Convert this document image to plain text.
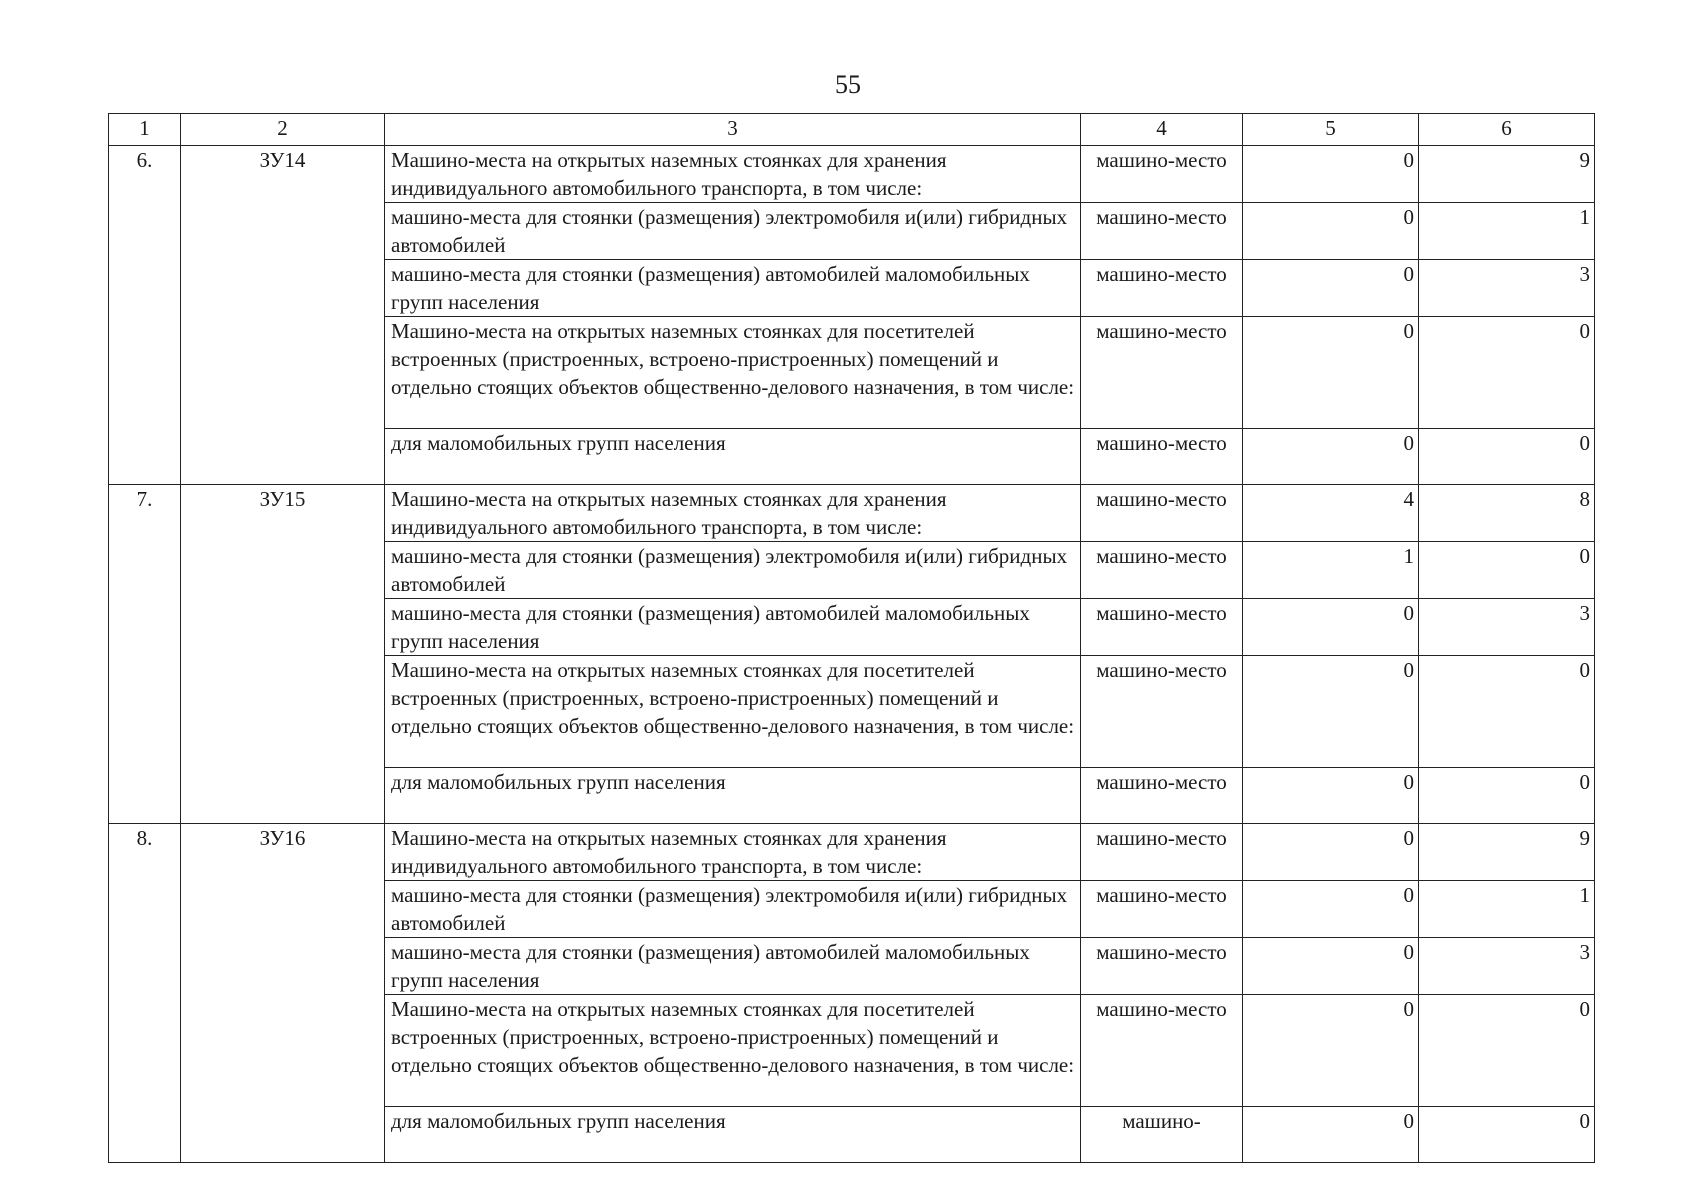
55
1	2	3	4	5	6
6.	ЗУ14	Машино-места на открытых наземных стоянках для хранения индивидуального автомобильного транспорта, в том числе:	машино-место	0	9
		машино-места для стоянки (размещения) электромобиля и(или) гибридных автомобилей	машино-место	0	1
		машино-места для стоянки (размещения) автомобилей маломобильных групп населения	машино-место	0	3
		Машино-места на открытых наземных стоянках для посетителей встроенных (пристроенных, встроено-пристроенных) помещений и отдельно стоящих объектов общественно-делового назначения, в том числе:	машино-место	0	0
		для маломобильных групп населения	машино-место	0	0
7.	ЗУ15	Машино-места на открытых наземных стоянках для хранения индивидуального автомобильного транспорта, в том числе:	машино-место	4	8
		машино-места для стоянки (размещения) электромобиля и(или) гибридных автомобилей	машино-место	1	0
		машино-места для стоянки (размещения) автомобилей маломобильных групп населения	машино-место	0	3
		Машино-места на открытых наземных стоянках для посетителей встроенных (пристроенных, встроено-пристроенных) помещений и отдельно стоящих объектов общественно-делового назначения, в том числе:	машино-место	0	0
		для маломобильных групп населения	машино-место	0	0
8.	ЗУ16	Машино-места на открытых наземных стоянках для хранения индивидуального автомобильного транспорта, в том числе:	машино-место	0	9
		машино-места для стоянки (размещения) электромобиля и(или) гибридных автомобилей	машино-место	0	1
		машино-места для стоянки (размещения) автомобилей маломобильных групп населения	машино-место	0	3
		Машино-места на открытых наземных стоянках для посетителей встроенных (пристроенных, встроено-пристроенных) помещений и отдельно стоящих объектов общественно-делового назначения, в том числе:	машино-место	0	0
		для маломобильных групп населения	машино-	0	0
